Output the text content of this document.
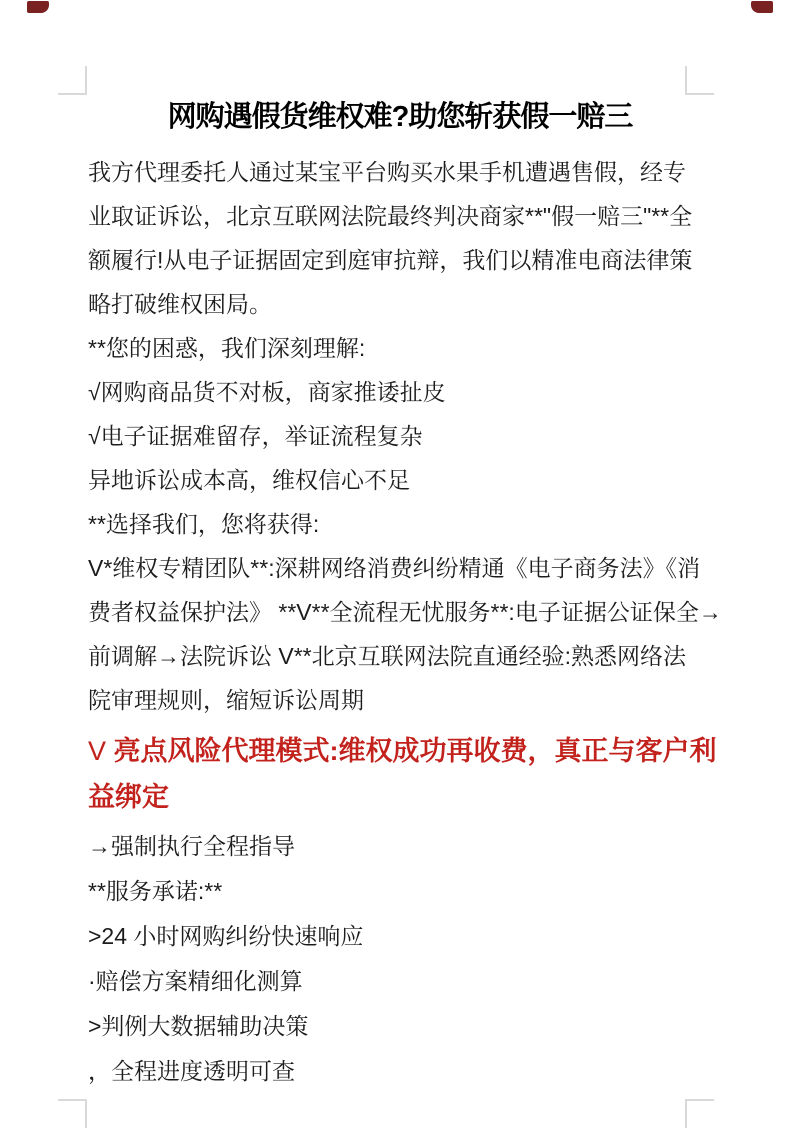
网购遇假货维权难?助您斩获假一赔三
我方代理委托人通过某宝平台购买水果手机遭遇售假，经专
业取证诉讼，北京互联网法院最终判决商家**"假一赔三"**全
额履行!从电子证据固定到庭审抗辩，我们以精准电商法律策
略打破维权困局。
**您的困惑，我们深刻理解:
√网购商品货不对板，商家推诿扯皮
√电子证据难留存，举证流程复杂
异地诉讼成本高，维权信心不足
**选择我们，您将获得:
V*维权专精团队**:深耕网络消费纠纷精通《电子商务法》《消
费者权益保护法》 **V**全流程无忧服务**:电子证据公证保全→
前调解→法院诉讼 V**北京互联网法院直通经验:熟悉网络法
院审理规则，缩短诉讼周期
V 亮点风险代理模式:维权成功再收费，真正与客户利
益绑定
→强制执行全程指导
**服务承诺:**
>24 小时网购纠纷快速响应
·赔偿方案精细化测算
>判例大数据辅助决策
，全程进度透明可查
